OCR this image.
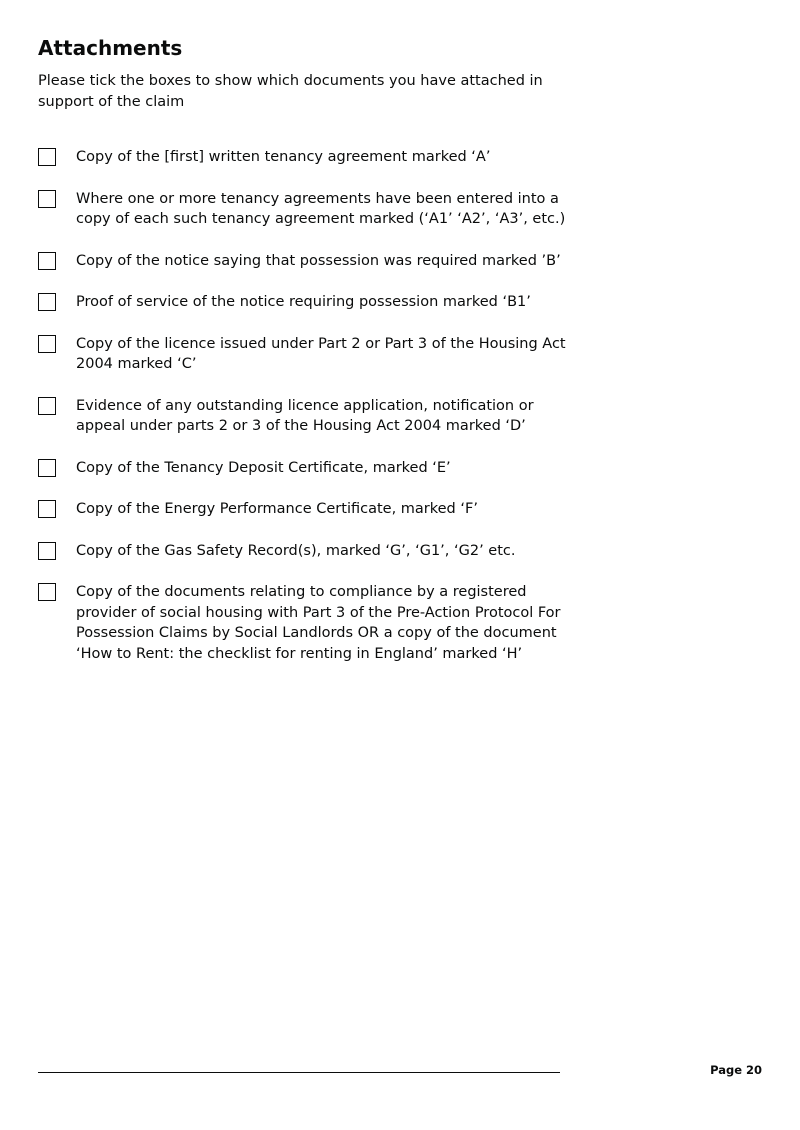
Attachments

Please tick the boxes to show which documents you have attached in support of the claim

Copy of the [first] written tenancy agreement marked ‘A’
Where one or more tenancy agreements have been entered into a copy of each such tenancy agreement marked (‘A1’ ‘A2’, ‘A3’, etc.)
Copy of the notice saying that possession was required marked ’B’
Proof of service of the notice requiring possession marked ‘B1’
Copy of the licence issued under Part 2 or Part 3 of the Housing Act 2004 marked ‘C’
Evidence of any outstanding licence application, notification or appeal under parts 2 or 3 of the Housing Act 2004 marked ‘D’
Copy of the Tenancy Deposit Certificate, marked ‘E’
Copy of the Energy Performance Certificate, marked ‘F’
Copy of the Gas Safety Record(s), marked ‘G’, ‘G1’, ‘G2’ etc.
Copy of the documents relating to compliance by a registered provider of social housing with Part 3 of the Pre-Action Protocol For Possession Claims by Social Landlords OR a copy of the document ‘How to Rent: the checklist for renting in England’ marked ‘H’
Page 20
